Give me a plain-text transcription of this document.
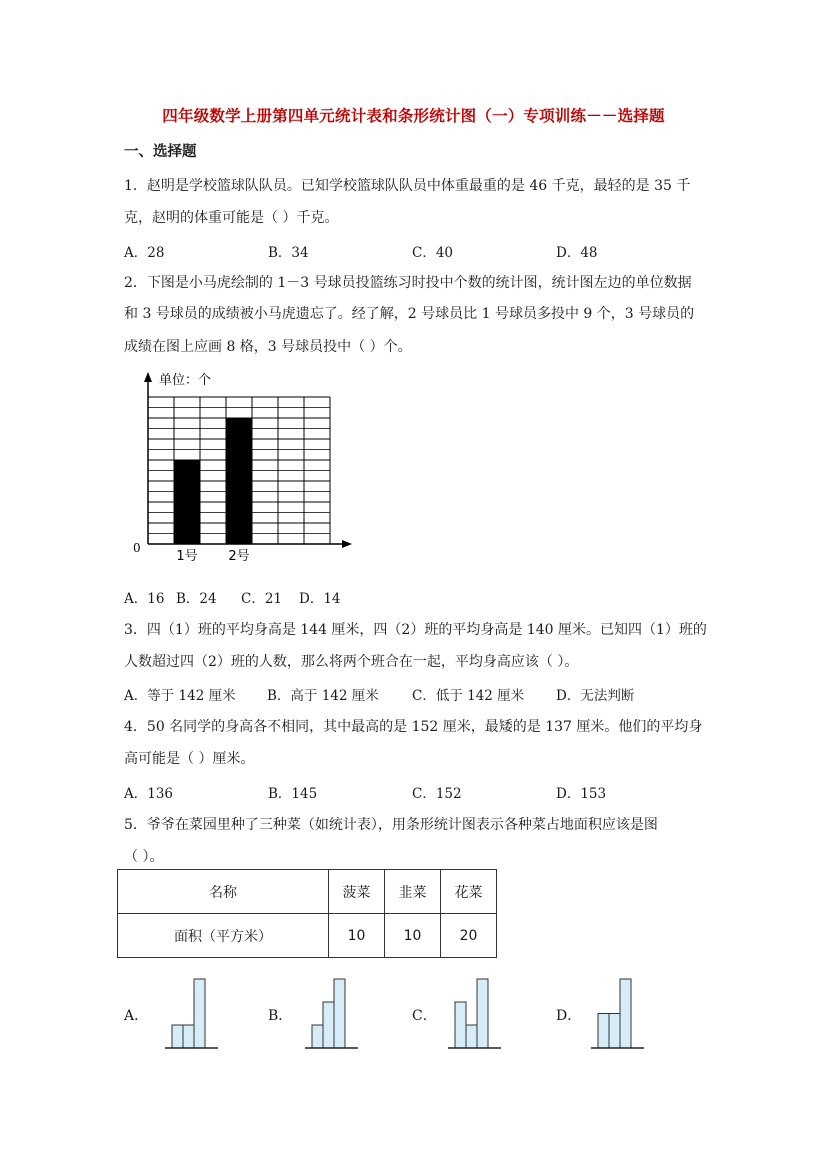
四年级数学上册第四单元统计表和条形统计图（一）专项训练－－选择题
一、选择题
1．赵明是学校篮球队队员。已知学校篮球队队员中体重最重的是 46 千克，最轻的是 35 千
克，赵明的体重可能是（ ）千克。
A．28	B．34	C．40	D．48
2．下图是小马虎绘制的 1－3 号球员投篮练习时投中个数的统计图，统计图左边的单位数据
和 3 号球员的成绩被小马虎遗忘了。经了解，2 号球员比 1 号球员多投中 9 个，3 号球员的
成绩在图上应画 8 格，3 号球员投中（ ）个。
单位：个
0
1号 2号
A．16 B．24 C．21 D．14
3．四（1）班的平均身高是 144 厘米，四（2）班的平均身高是 140 厘米。已知四（1）班的
人数超过四（2）班的人数，那么将两个班合在一起，平均身高应该（ ）。
A．等于 142 厘米 B．高于 142 厘米 C．低于 142 厘米 D．无法判断
4．50 名同学的身高各不相同，其中最高的是 152 厘米，最矮的是 137 厘米。他们的平均身
高可能是（ ）厘米。
A．136	B．145	C．152	D．153
5．爷爷在菜园里种了三种菜（如统计表），用条形统计图表示各种菜占地面积应该是图
（ ）。
名称	菠菜	韭菜	花菜
面积（平方米）	10	10	20
A．	B．	C．	D．
